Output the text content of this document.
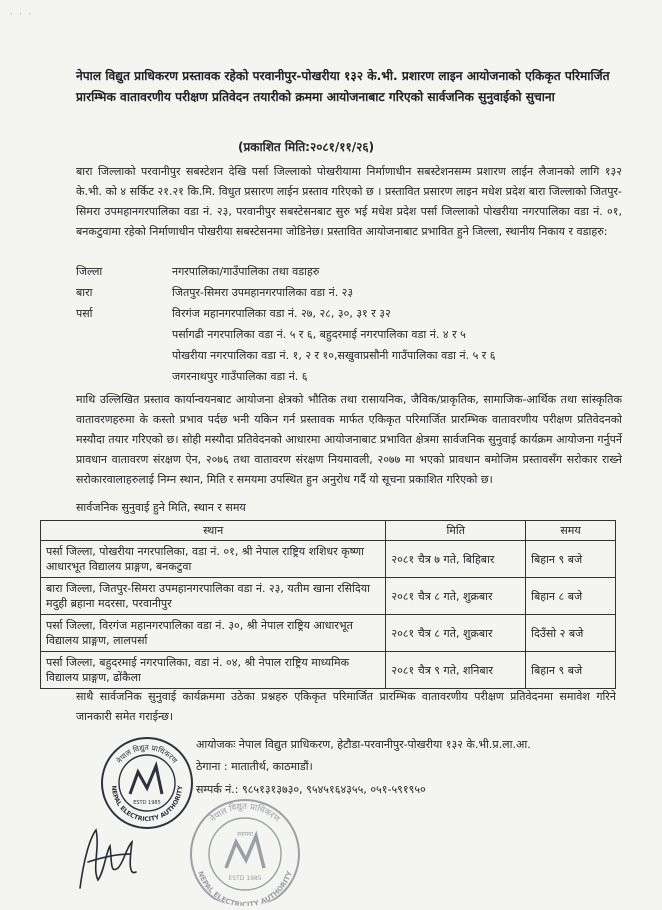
' ' '
नेपाल विद्युत प्राधिकरण प्रस्तावक रहेको परवानीपुर-पोखरीया १३२ के.भी. प्रशारण लाइन आयोजनाको एकिकृत परिमार्जित प्रारम्भिक वातावरणीय परीक्षण प्रतिवेदन तयारीको क्रममा आयोजनाबाट गरिएको सार्वजनिक सुनुवाईको सुचाना
(प्रकाशित मिति:२०८१/११/२६)
बारा जिल्लाको परवानीपुर सबस्टेशन देखि पर्सा जिल्लाको पोखरीयामा निर्माणाधीन सबस्टेशनसम्म प्रशारण लाईन लैजानको लागि १३२ के.भी. को ४ सर्किट २१.२१ कि.मि. विधुत प्रसारण लाईन प्रस्ताव गरिएको छ । प्रस्तावित प्रसारण लाइन मधेश प्रदेश बारा जिल्लाको जितपुर-सिमरा उपमहानगरपालिका वडा नं. २३, परवानीपुर सबस्टेसनबाट सुरु भई मधेश प्रदेश पर्सा जिल्लाको पोखरीया नगरपालिका वडा नं. ०१, बनकटुवामा रहेको निर्माणाधीन पोखरीया सबस्टेसनमा जोडिनेछ। प्रस्तावित आयोजनाबाट प्रभावित हुने जिल्ला, स्थानीय निकाय र वडाहरु:
जिल्ला	नगरपालिका/गाउँपालिका तथा वडाहरु
बारा	जितपुर-सिमरा उपमहानगरपालिका वडा नं. २३
पर्सा	विरगंज महानगरपालिका वडा नं. २७, २८, ३०, ३१ र ३२
पर्सागढी नगरपालिका वडा नं. ५ र ६, बहुदरमाई नगरपालिका वडा नं. ४ र ५
पोखरीया नगरपालिका वडा नं. १, २ र १०,सखुवाप्रसौनी गाउँपालिका वडा नं. ५ र ६
जगरनाथपुर गाउँपालिका वडा नं. ६
माथि उल्लिखित प्रस्ताव कार्यान्वयनबाट आयोजना क्षेत्रको भौतिक तथा रासायनिक, जैविक/प्राकृतिक, सामाजिक-आर्थिक तथा सांस्कृतिक वातावरणहरुमा के कस्तो प्रभाव पर्दछ भनी यकिन गर्न प्रस्तावक मार्फत एकिकृत परिमार्जित प्रारम्भिक वातावरणीय परीक्षण प्रतिवेदनको मस्यौदा तयार गरिएको छ। सोही मस्यौदा प्रतिवेदनको आधारमा आयोजनाबाट प्रभावित क्षेत्रमा सार्वजनिक सुनुवाई कार्यक्रम आयोजना गर्नुपर्ने प्रावधान वातावरण संरक्षण ऐन, २०७६ तथा वातावरण संरक्षण नियमावली, २०७७ मा भएको प्रावधान बमोजिम प्रस्तावसँग सरोकार राख्ने सरोकारवालाहरुलाई निम्न स्थान, मिति र समयमा उपस्थित हुन अनुरोध गर्दै यो सूचना प्रकाशित गरिएको छ।
सार्वजनिक सुनुवाई हुने मिति, स्थान र समय
स्थान	मिति	समय
पर्सा जिल्ला, पोखरीया नगरपालिका, वडा नं. ०१, श्री नेपाल राष्ट्रिय शशिधर कृष्णा आधारभूत विद्यालय प्राङ्गण, बनकटुवा	२०८१ चैत्र ७ गते, बिहिबार	बिहान ९ बजे
बारा जिल्ला, जितपुर-सिमरा उपमहानगरपालिका वडा नं. २३, यतीम खाना रसिदिया मदुही ब्रहाना मदरसा, परवानीपुर	२०८१ चैत्र ८ गते, शुक्रबार	बिहान ८ बजे
पर्सा जिल्ला, विरगंज महानगरपालिका वडा नं. ३०, श्री नेपाल राष्ट्रिय आधारभूत विद्यालय प्राङ्गण, लालपर्सा	२०८१ चैत्र ८ गते, शुक्रबार	दिउँसो २ बजे
पर्सा जिल्ला, बहुदरमाई नगरपालिका, वडा नं. ०४, श्री नेपाल राष्ट्रिय माध्यमिक विद्यालय प्राङ्गण, ढोंकैला	२०८१ चैत्र ९ गते, शनिबार	बिहान ९ बजे
साथै सार्वजनिक सुनुवाई कार्यक्रममा उठेका प्रश्नहरु एकिकृत परिमार्जित प्रारम्भिक वातावरणीय परीक्षण प्रतिवेदनमा समावेश गरिने जानकारी समेत गराईन्छ।
नेपाल विद्युत प्राधिकरण
NEPAL ELECTRICITY AUTHORITY
ESTD 1985
आयोजकः नेपाल विद्युत प्राधिकरण, हेटौडा-परवानीपुर-पोखरीया १३२ के.भी.प्र.ला.आ.
ठेगाना : मातातीर्थ, काठमाडौं।
सम्पर्क नं.: ९८५१३१३७३०, ९५४५१६४३५५, ०५१-५९१९५०
नेपाल विद्युत प्राधिकरण
NEPAL ELECTRICITY AUTHORITY
स्थापना
ESTD 1985
